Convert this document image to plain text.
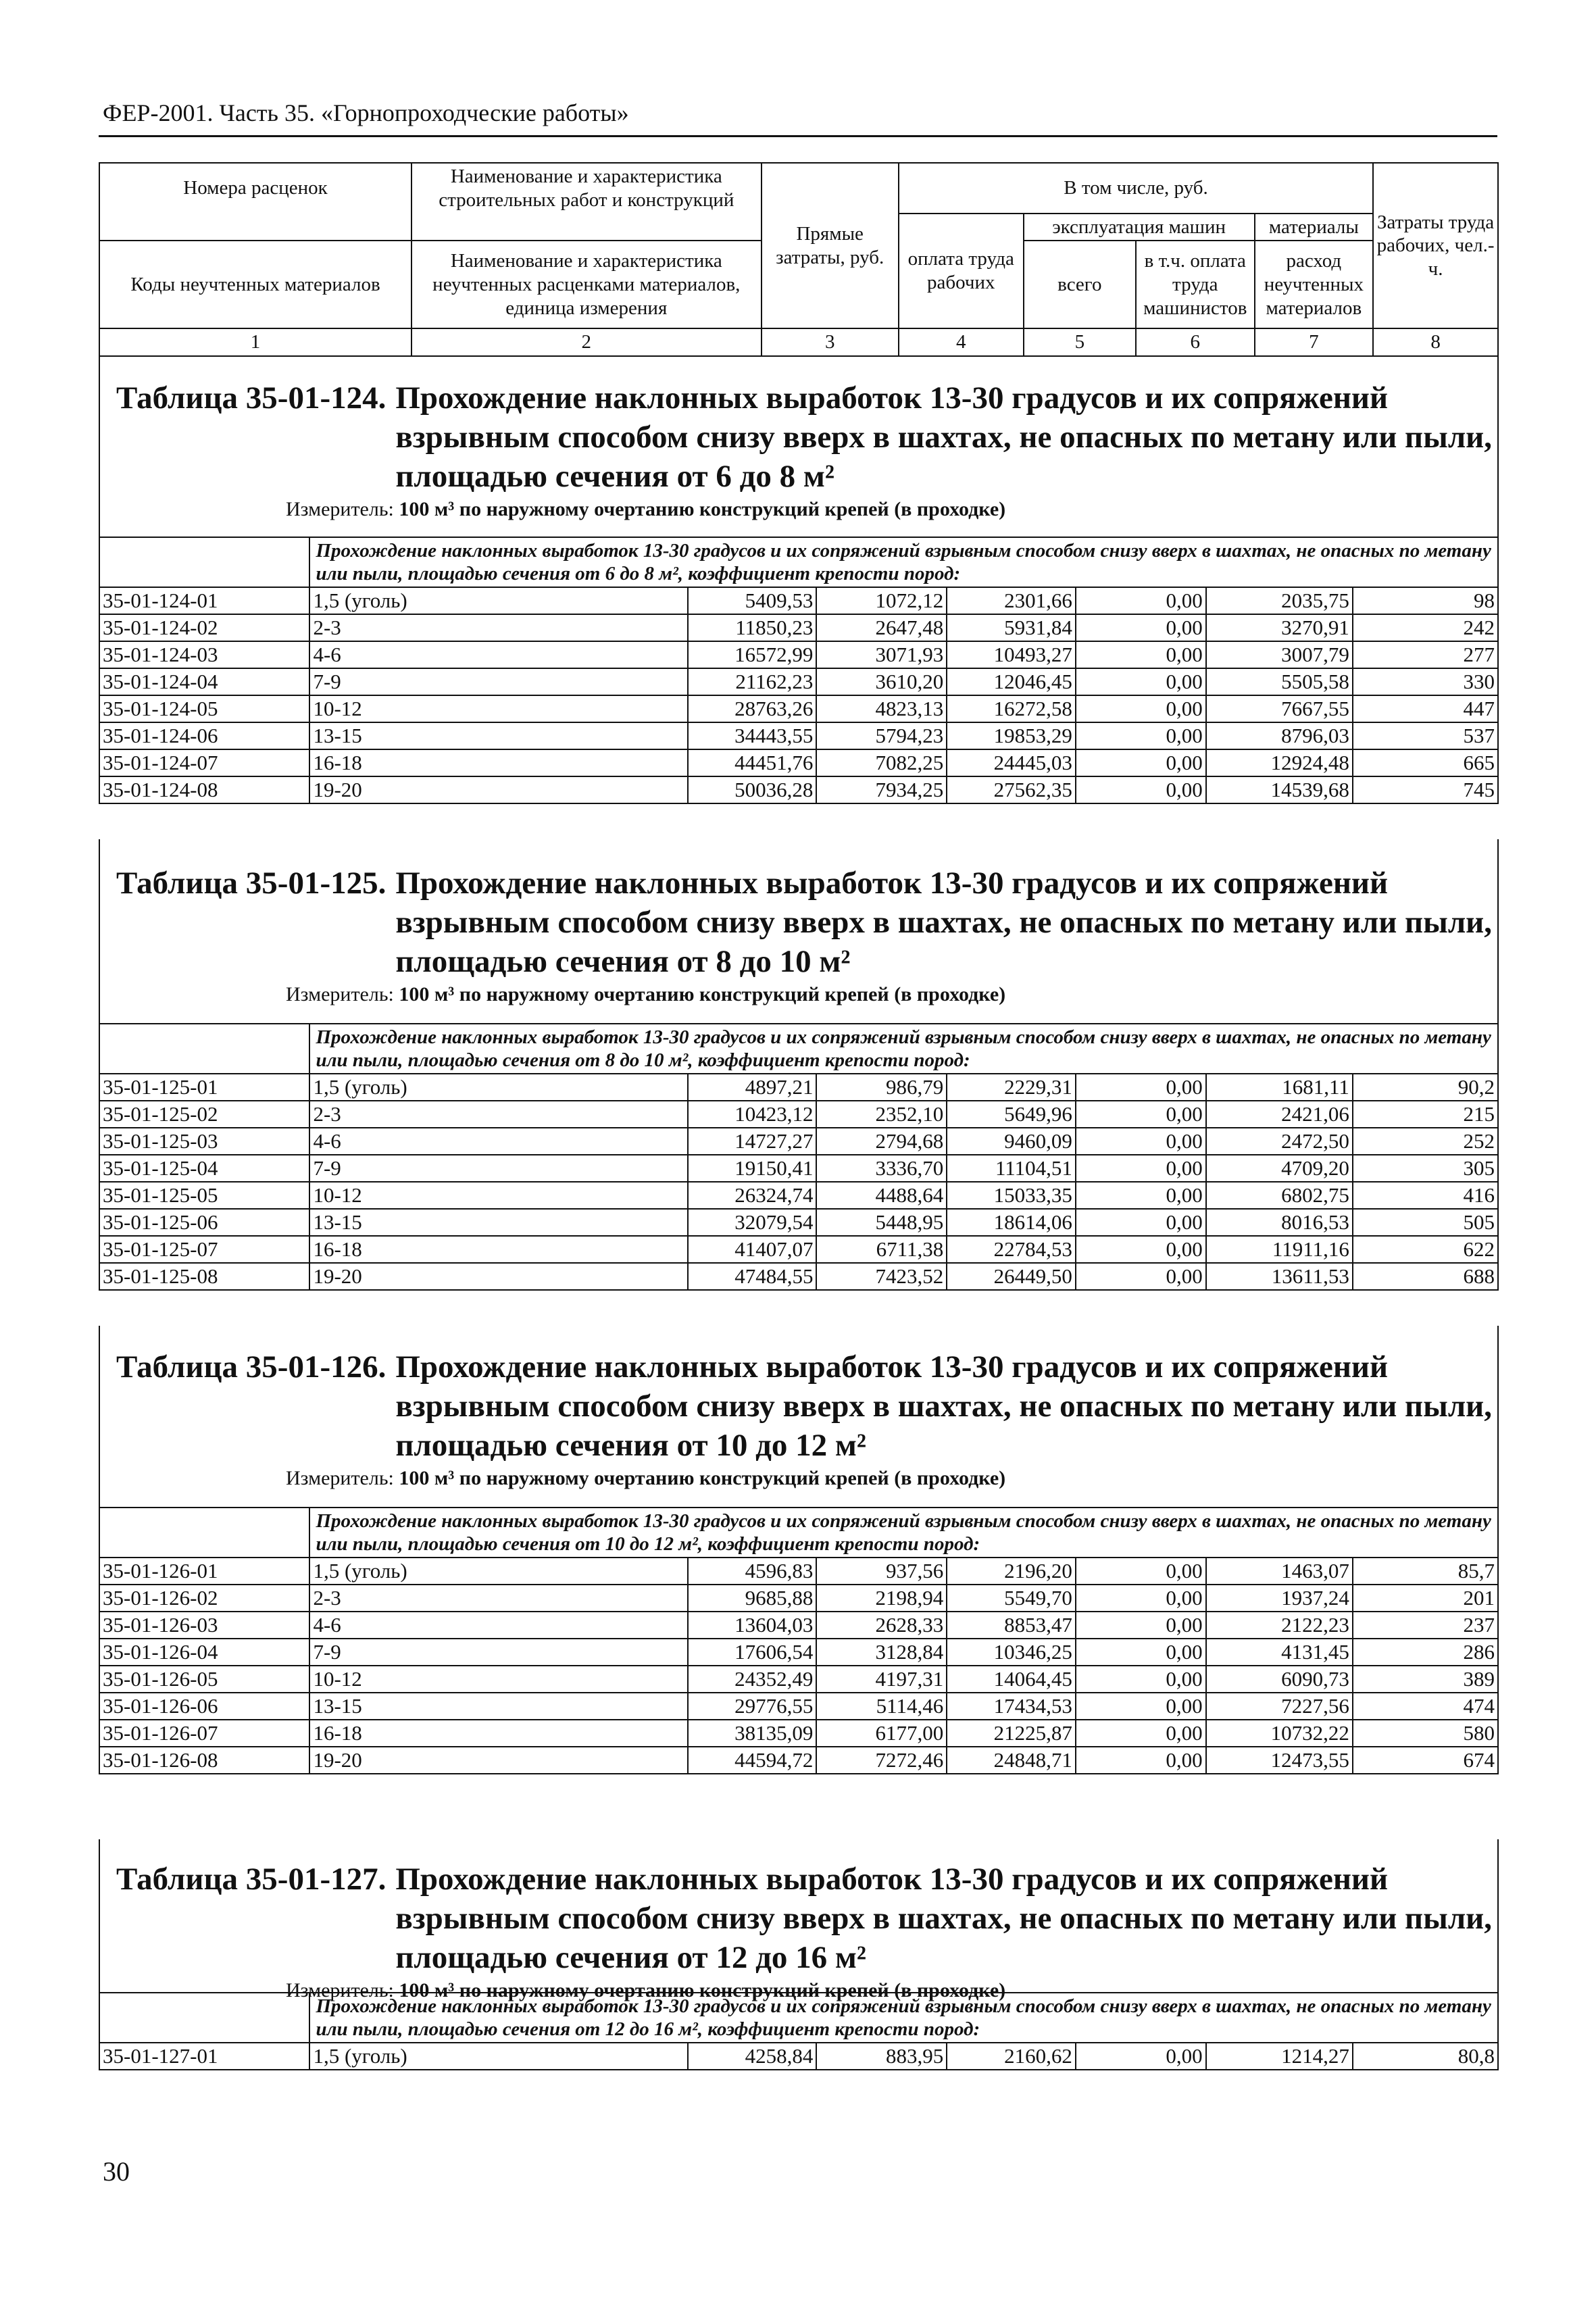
ФЕР-2001. Часть 35. «Горнопроходческие работы»
Номера расценок	Наименование и характеристика строительных работ и конструкций	Прямые затраты, руб.	В том числе, руб.				Затраты труда рабочих, чел.-ч.
			оплата труда рабочих	эксплуатация машин		материалы	
Коды неучтенных материалов	Наименование и характеристика неучтенных расценками материалов, единица измерения			всего	в т.ч. оплата труда машинистов	расход неучтенных материалов	
1	2	3	4	5	6	7	8
Таблица 35-01-124. Прохождение наклонных выработок 13-30 градусов и их сопряжений взрывным способом снизу вверх в шахтах, не опасных по метану или пыли, площадью сечения от 6 до 8 м²
Измеритель: 100 м³ по наружному очертанию конструкций крепей (в проходке)
	Прохождение наклонных выработок 13-30 градусов и их сопряжений взрывным способом снизу вверх в шахтах, не опасных по метану или пыли, площадью сечения от 6 до 8 м², коэффициент крепости пород:						
35-01-124-01	1,5 (уголь)	5409,53	1072,12	2301,66	0,00	2035,75	98
35-01-124-02	2-3	11850,23	2647,48	5931,84	0,00	3270,91	242
35-01-124-03	4-6	16572,99	3071,93	10493,27	0,00	3007,79	277
35-01-124-04	7-9	21162,23	3610,20	12046,45	0,00	5505,58	330
35-01-124-05	10-12	28763,26	4823,13	16272,58	0,00	7667,55	447
35-01-124-06	13-15	34443,55	5794,23	19853,29	0,00	8796,03	537
35-01-124-07	16-18	44451,76	7082,25	24445,03	0,00	12924,48	665
35-01-124-08	19-20	50036,28	7934,25	27562,35	0,00	14539,68	745
Таблица 35-01-125. Прохождение наклонных выработок 13-30 градусов и их сопряжений взрывным способом снизу вверх в шахтах, не опасных по метану или пыли, площадью сечения от 8 до 10 м²
Измеритель: 100 м³ по наружному очертанию конструкций крепей (в проходке)
	Прохождение наклонных выработок 13-30 градусов и их сопряжений взрывным способом снизу вверх в шахтах, не опасных по метану или пыли, площадью сечения от 8 до 10 м², коэффициент крепости пород:						
35-01-125-01	1,5 (уголь)	4897,21	986,79	2229,31	0,00	1681,11	90,2
35-01-125-02	2-3	10423,12	2352,10	5649,96	0,00	2421,06	215
35-01-125-03	4-6	14727,27	2794,68	9460,09	0,00	2472,50	252
35-01-125-04	7-9	19150,41	3336,70	11104,51	0,00	4709,20	305
35-01-125-05	10-12	26324,74	4488,64	15033,35	0,00	6802,75	416
35-01-125-06	13-15	32079,54	5448,95	18614,06	0,00	8016,53	505
35-01-125-07	16-18	41407,07	6711,38	22784,53	0,00	11911,16	622
35-01-125-08	19-20	47484,55	7423,52	26449,50	0,00	13611,53	688
Таблица 35-01-126. Прохождение наклонных выработок 13-30 градусов и их сопряжений взрывным способом снизу вверх в шахтах, не опасных по метану или пыли, площадью сечения от 10 до 12 м²
Измеритель: 100 м³ по наружному очертанию конструкций крепей (в проходке)
	Прохождение наклонных выработок 13-30 градусов и их сопряжений взрывным способом снизу вверх в шахтах, не опасных по метану или пыли, площадью сечения от 10 до 12 м², коэффициент крепости пород:						
35-01-126-01	1,5 (уголь)	4596,83	937,56	2196,20	0,00	1463,07	85,7
35-01-126-02	2-3	9685,88	2198,94	5549,70	0,00	1937,24	201
35-01-126-03	4-6	13604,03	2628,33	8853,47	0,00	2122,23	237
35-01-126-04	7-9	17606,54	3128,84	10346,25	0,00	4131,45	286
35-01-126-05	10-12	24352,49	4197,31	14064,45	0,00	6090,73	389
35-01-126-06	13-15	29776,55	5114,46	17434,53	0,00	7227,56	474
35-01-126-07	16-18	38135,09	6177,00	21225,87	0,00	10732,22	580
35-01-126-08	19-20	44594,72	7272,46	24848,71	0,00	12473,55	674
Таблица 35-01-127. Прохождение наклонных выработок 13-30 градусов и их сопряжений взрывным способом снизу вверх в шахтах, не опасных по метану или пыли, площадью сечения от 12 до 16 м²
Измеритель: 100 м³ по наружному очертанию конструкций крепей (в проходке)
	Прохождение наклонных выработок 13-30 градусов и их сопряжений взрывным способом снизу вверх в шахтах, не опасных по метану или пыли, площадью сечения от 12 до 16 м², коэффициент крепости пород:						
35-01-127-01	1,5 (уголь)	4258,84	883,95	2160,62	0,00	1214,27	80,8
30
